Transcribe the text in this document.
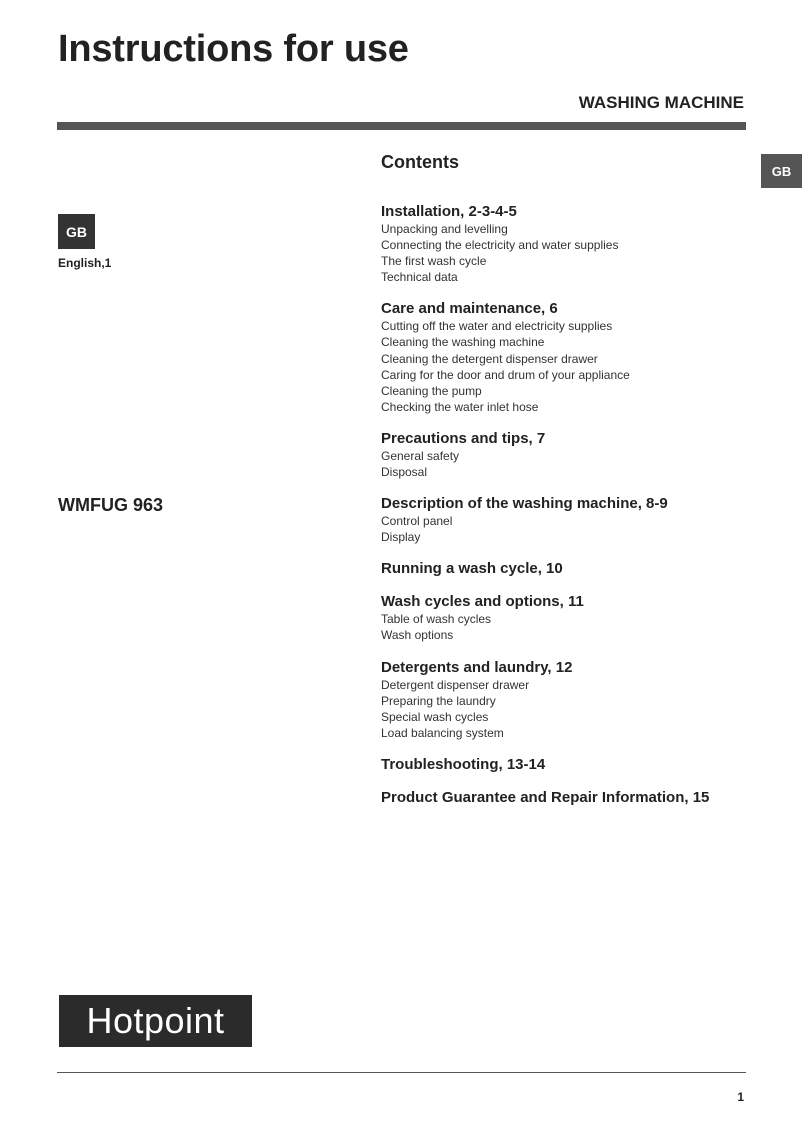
Instructions for use
WASHING MACHINE
GB
GB
English,1
WMFUG 963
Contents
Installation, 2-3-4-5
Unpacking and levelling
Connecting the electricity and water supplies
The first wash cycle
Technical data
Care and maintenance, 6
Cutting off the water and electricity supplies
Cleaning the washing machine
Cleaning the detergent dispenser drawer
Caring for the door and drum of your appliance
Cleaning the pump
Checking the water inlet hose
Precautions and tips, 7
General safety
Disposal
Description of the washing machine, 8-9
Control panel
Display
Running a wash cycle, 10
Wash cycles and options, 11
Table of wash cycles
Wash options
Detergents and laundry, 12
Detergent dispenser drawer
Preparing the laundry
Special wash cycles
Load balancing system
Troubleshooting, 13-14
Product Guarantee and Repair Information, 15
Hotpoint
1
